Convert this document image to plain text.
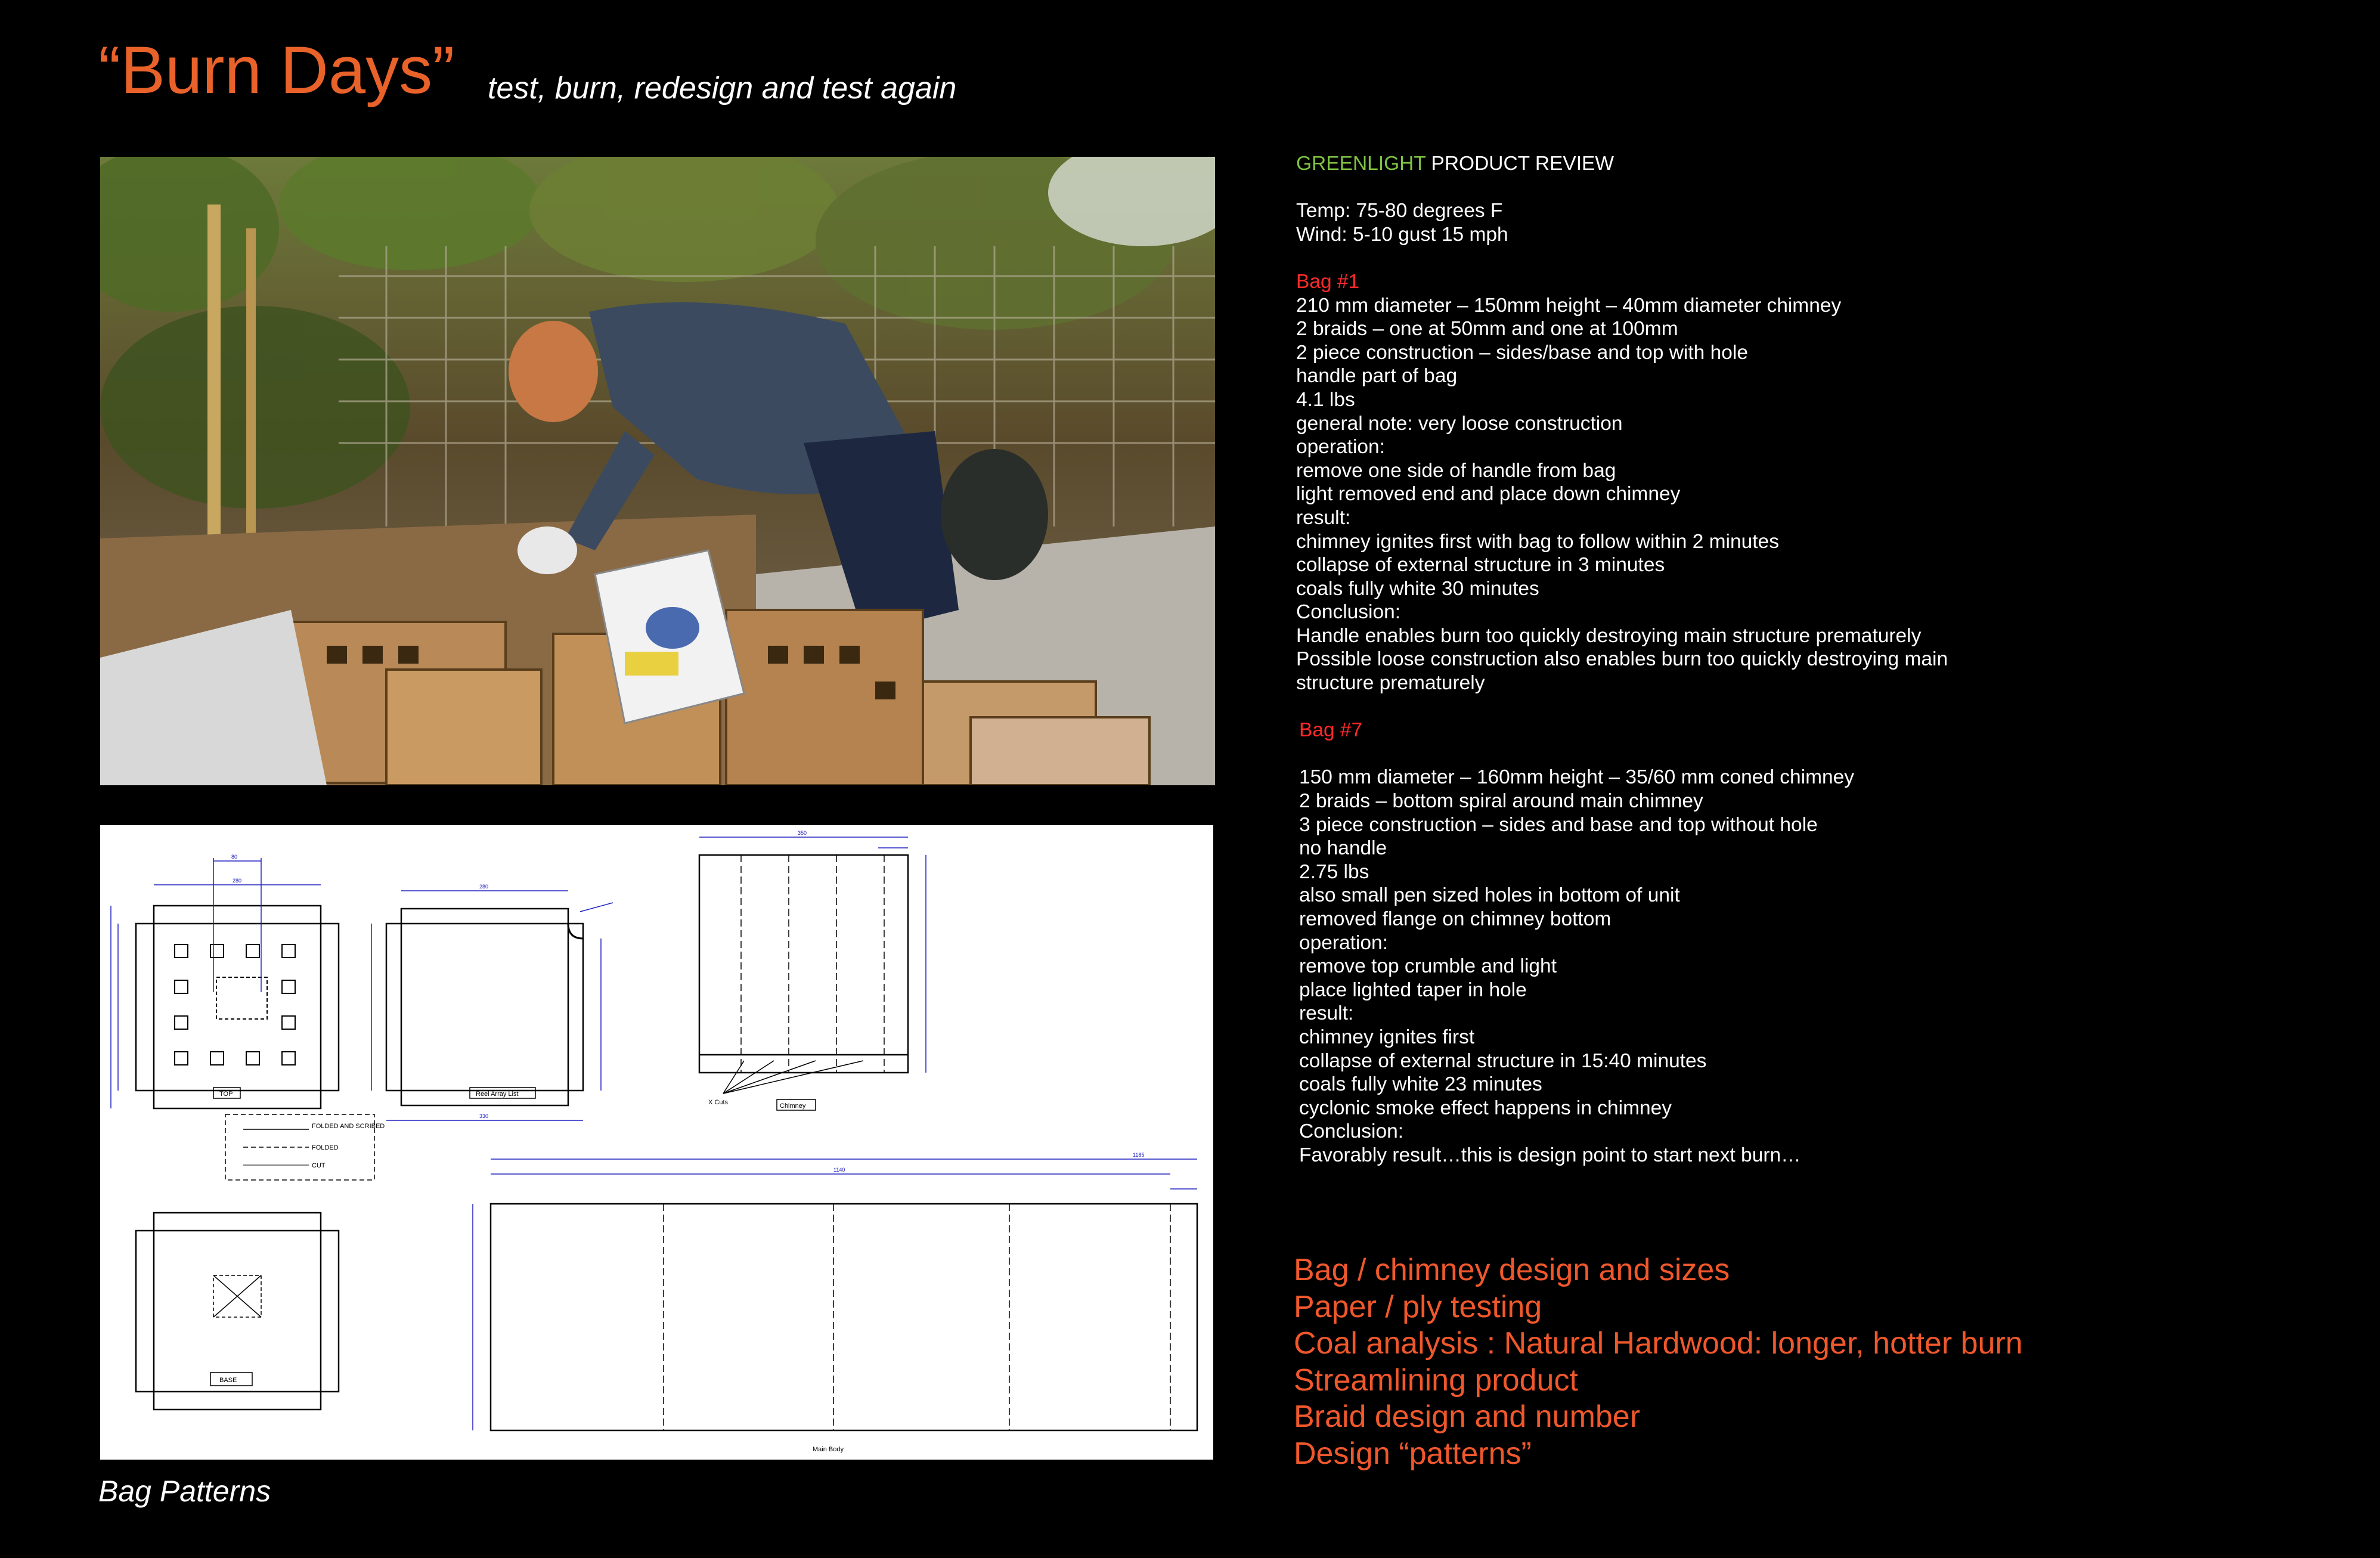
“Burn Days” test, burn, redesign and test again
80
280
280
330
350
1185
1140
TOP	Reel Array List
Chimney
X Cuts
FOLDED AND SCRIBED
FOLDED
CUT
BASE
Main Body
Bag Patterns
GREENLIGHT PRODUCT REVIEW
Temp: 75-80 degrees F
Wind: 5-10 gust 15 mph
Bag #1
210 mm diameter – 150mm height – 40mm diameter chimney
2 braids – one at 50mm and one at 100mm
2 piece construction – sides/base and top with hole
handle part of bag
4.1 lbs
general note: very loose construction
operation:
remove one side of handle from bag
light removed end and place down chimney
result:
chimney ignites first with bag to follow within 2 minutes
collapse of external structure in 3 minutes
coals fully white 30 minutes
Conclusion:
Handle enables burn too quickly destroying main structure prematurely
Possible loose construction also enables burn too quickly destroying main
structure prematurely
Bag #7
150 mm diameter – 160mm height – 35/60 mm coned chimney
2 braids – bottom spiral around main chimney
3 piece construction – sides and base and top without hole
no handle
2.75 lbs
also small pen sized holes in bottom of unit
removed flange on chimney bottom
operation:
remove top crumble and light
place lighted taper in hole
result:
chimney ignites first
collapse of external structure in 15:40 minutes
coals fully white 23 minutes
cyclonic smoke effect happens in chimney
Conclusion:
Favorably result…this is design point to start next burn…
Bag / chimney design and sizes
Paper / ply testing
Coal analysis : Natural Hardwood: longer, hotter burn
Streamlining product
Braid design and number
Design “patterns”
